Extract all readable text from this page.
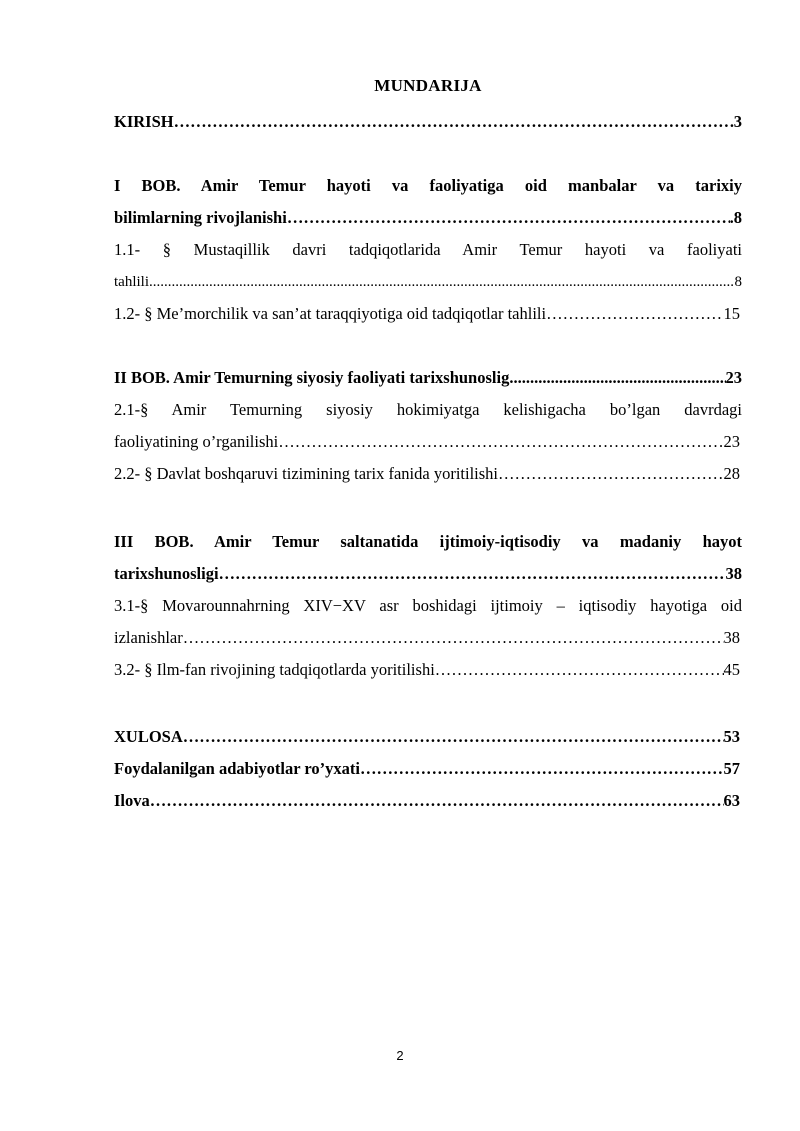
MUNDARIJA
KIRISH …………………………………………………………………………………………………………………………………………………………………………………………………………	3
I BOB. Amir Temur hayoti va faoliyatiga oid manbalar va tarixiy
bilimlarning rivojlanishi …………………………………………………………………………………………………………………………………………………………………………………………………………	.8
1.1- § Mustaqillik davri tadqiqotlarida Amir Temur hayoti va faoliyati
tahlili .....	8
1.2- § Me’morchilik va san’at taraqqiyotiga oid tadqiqotlar tahlili …………………………………………………………………………………………………………………………………………………………………………………………………………	15
II BOB. Amir Temurning siyosiy faoliyati tarixshunoslig .....	23
2.1-§ Amir Temurning siyosiy hokimiyatga kelishigacha bo’lgan davrdagi
faoliyatining o’rganilishi …………………………………………………………………………………………………………………………………………………………………………………………………………	23
2.2- § Davlat boshqaruvi tizimining tarix fanida yoritilishi …………………………………………………………………………………………………………………………………………………………………………………………………………	28
III BOB. Amir Temur saltanatida ijtimoiy-iqtisodiy va madaniy hayot
tarixshunosligi …………………………………………………………………………………………………………………………………………………………………………………………………………	38
3.1-§ Movarounnahrning XIV−XV asr boshidagi ijtimoiy – iqtisodiy hayotiga oid
izlanishlar …………………………………………………………………………………………………………………………………………………………………………………………………………	38
3.2- § Ilm-fan rivojining tadqiqotlarda yoritilishi …………………………………………………………………………………………………………………………………………………………………………………………………………	45
XULOSA …………………………………………………………………………………………………………………………………………………………………………………………………………	53
Foydalanilgan adabiyotlar ro’yxati …………………………………………………………………………………………………………………………………………………………………………………………………………	57
Ilova …………………………………………………………………………………………………………………………………………………………………………………………………………	63
2
